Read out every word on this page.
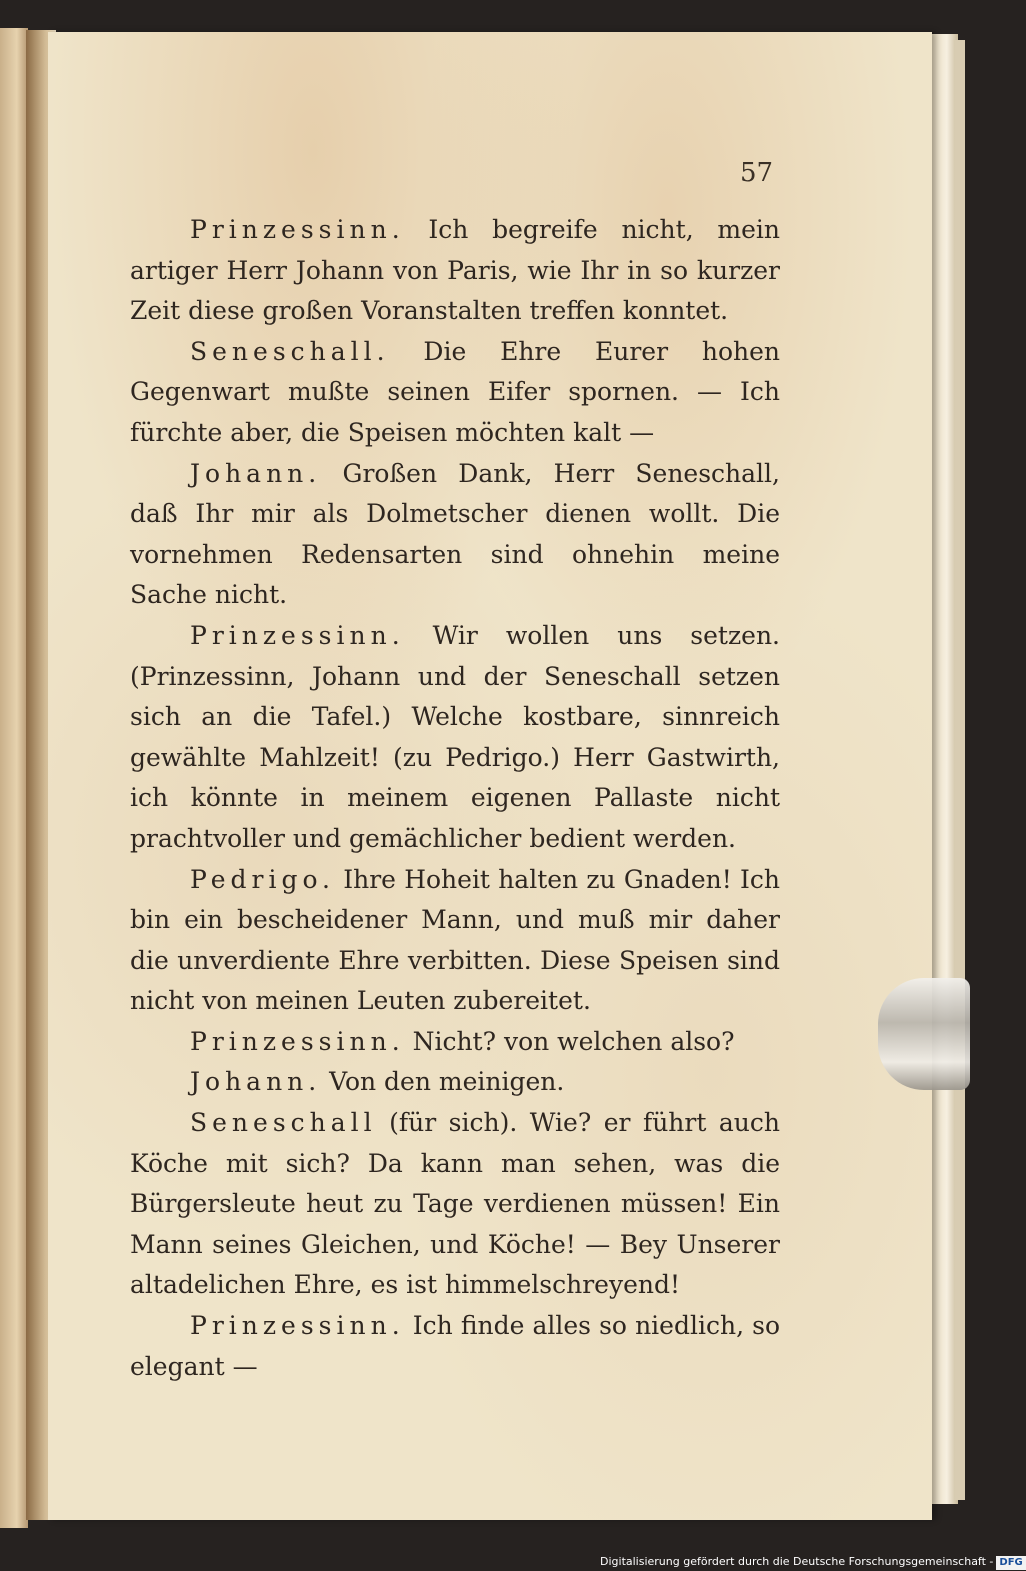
57

Prinzessinn. Ich begreife nicht, mein artiger Herr Johann von Paris, wie Ihr in so kurzer Zeit diese großen Voranstalten treffen konntet.

Seneschall. Die Ehre Eurer hohen Gegenwart mußte seinen Eifer spornen. — Ich fürchte aber, die Speisen möchten kalt —

Johann. Großen Dank, Herr Seneschall, daß Ihr mir als Dolmetscher dienen wollt. Die vornehmen Redensarten sind ohnehin meine Sache nicht.

Prinzessinn. Wir wollen uns setzen. (Prinzessinn, Johann und der Seneschall setzen sich an die Tafel.) Welche kostbare, sinnreich gewählte Mahlzeit! (zu Pedrigo.) Herr Gastwirth, ich könnte in meinem eigenen Pallaste nicht prachtvoller und gemächlicher bedient werden.

Pedrigo. Ihre Hoheit halten zu Gnaden! Ich bin ein bescheidener Mann, und muß mir daher die unverdiente Ehre verbitten. Diese Speisen sind nicht von meinen Leuten zubereitet.

Prinzessinn. Nicht? von welchen also?

Johann. Von den meinigen.

Seneschall (für sich). Wie? er führt auch Köche mit sich? Da kann man sehen, was die Bürgersleute heut zu Tage verdienen müssen! Ein Mann seines Gleichen, und Köche! — Bey Unserer altadelichen Ehre, es ist himmelschreyend!

Prinzessinn. Ich finde alles so niedlich, so elegant —

Digitalisierung gefördert durch die Deutsche Forschungsgemeinschaft - DFG
